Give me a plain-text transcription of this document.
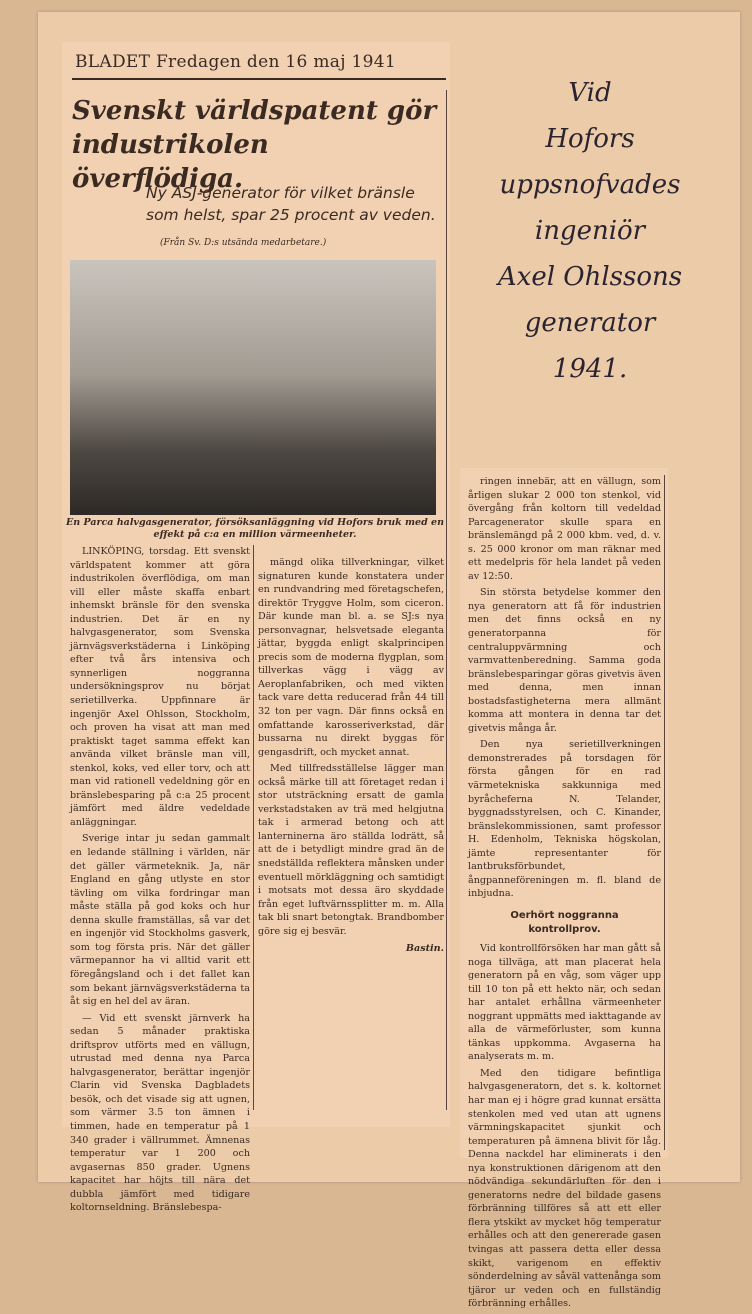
BLADET Fredagen den 16 maj 1941
Svenskt världspatent gör industrikolen överflödiga.
Ny ASJ-generator för vilket bränsle som helst, spar 25 procent av veden.
(Från Sv. D:s utsända medarbetare.)
En Parca halvgasgenerator, försöksanläggning vid Hofors bruk med en effekt på c:a en million värmeenheter.

LINKÖPING, torsdag. Ett svenskt världspatent kommer att göra industrikolen överflödiga, om man vill eller måste skaffa enbart inhemskt bränsle för den svenska industrien. Det är en ny halvgasgenerator, som Svenska järnvägsverkstäderna i Linköping efter två års intensiva och synnerligen noggranna undersökningsprov nu börjat serietillverka. Uppfinnare är ingenjör Axel Ohlsson, Stockholm, och proven ha visat att man med praktiskt taget samma effekt kan använda vilket bränsle man vill, stenkol, koks, ved eller torv, och att man vid rationell vedeldning gör en bränslebesparing på c:a 25 procent jämfört med äldre vedeldade anläggningar.

Sverige intar ju sedan gammalt en ledande ställning i världen, när det gäller värmeteknik. Ja, när England en gång utlyste en stor tävling om vilka fordringar man måste ställa på god koks och hur denna skulle framställas, så var det en ingenjör vid Stockholms gasverk, som tog första pris. När det gäller värmepannor ha vi alltid varit ett föregångsland och i det fallet kan som bekant järnvägsverkstäderna ta åt sig en hel del av äran.

— Vid ett svenskt järnverk ha sedan 5 månader praktiska driftsprov utförts med en vällugn, utrustad med denna nya Parca halvgasgenerator, berättar ingenjör Clarin vid Svenska Dagbladets besök, och det visade sig att ugnen, som värmer 3.5 ton ämnen i timmen, hade en temperatur på 1 340 grader i vällrummet. Ämnenas temperatur var 1 200 och avgasernas 850 grader. Ugnens kapacitet har höjts till nära det dubbla jämfört med tidigare koltornseldning. Bränslebespa-

mängd olika tillverkningar, vilket signaturen kunde konstatera under en rundvandring med företagschefen, direktör Tryggve Holm, som ciceron. Där kunde man bl. a. se SJ:s nya personvagnar, helsvetsade eleganta jättar, byggda enligt skalprincipen precis som de moderna flygplan, som tillverkas vägg i vägg av Aeroplanfabriken, och med vikten tack vare detta reducerad från 44 till 32 ton per vagn. Där finns också en omfattande karosseriverkstad, där bussarna nu direkt byggas för gengasdrift, och mycket annat.

Med tillfredsställelse lägger man också märke till att företaget redan i stor utsträckning ersatt de gamla verkstadstaken av trä med helgjutna tak i armerad betong och att lanterninerna äro ställda lodrätt, så att de i betydligt mindre grad än de snedställda reflektera månsken under eventuell mörkläggning och samtidigt i motsats mot dessa äro skyddade från eget luftvärnssplitter m. m. Alla tak bli snart betongtak. Brandbomber göre sig ej besvär.

Bastin.

ringen innebär, att en vällugn, som årligen slukar 2 000 ton stenkol, vid övergång från koltorn till vedeldad Parcagenerator skulle spara en bränslemängd på 2 000 kbm. ved, d. v. s. 25 000 kronor om man räknar med ett medelpris för hela landet på veden av 12:50.

Sin största betydelse kommer den nya generatorn att få för industrien men det finns också en ny generatorpanna för centraluppvärmning och varmvattenberedning. Samma goda bränslebesparingar göras givetvis även med denna, men innan bostadsfastigheterna mera allmänt komma att montera in denna tar det givetvis många år.

Den nya serietillverkningen demonstrerades på torsdagen för första gången för en rad värmetekniska sakkunniga med byråcheferna N. Telander, byggnadsstyrelsen, och C. Kinander, bränslekommissionen, samt professor H. Edenholm, Tekniska högskolan, jämte representanter för lantbruksförbundet, ångpanneföreningen m. fl. bland de inbjudna.

Oerhört noggranna kontrollprov.

Vid kontrollförsöken har man gått så noga tillväga, att man placerat hela generatorn på en våg, som väger upp till 10 ton på ett hekto när, och sedan har antalet erhållna värmeenheter noggrant uppmätts med iakttagande av alla de värmeförluster, som kunna tänkas uppkomma. Avgaserna ha analyserats m. m.

Med den tidigare befintliga halvgasgeneratorn, det s. k. koltornet har man ej i högre grad kunnat ersätta stenkolen med ved utan att ugnens värmningskapacitet sjunkit och temperaturen på ämnena blivit för låg. Denna nackdel har eliminerats i den nya konstruktionen därigenom att den nödvändiga sekundärluften för den i generatorns nedre del bildade gasens förbränning tillföres så att ett eller flera ytskikt av mycket hög temperatur erhålles och att den genererade gasen tvingas att passera detta eller dessa skikt, varigenom en effektiv sönderdelning av såväl vattenånga som tjäror ur veden och en fullständig förbränning erhålles.

Vid
Hofors
uppsnofvades
ingeniör
Axel Ohlssons
generator
1941.
